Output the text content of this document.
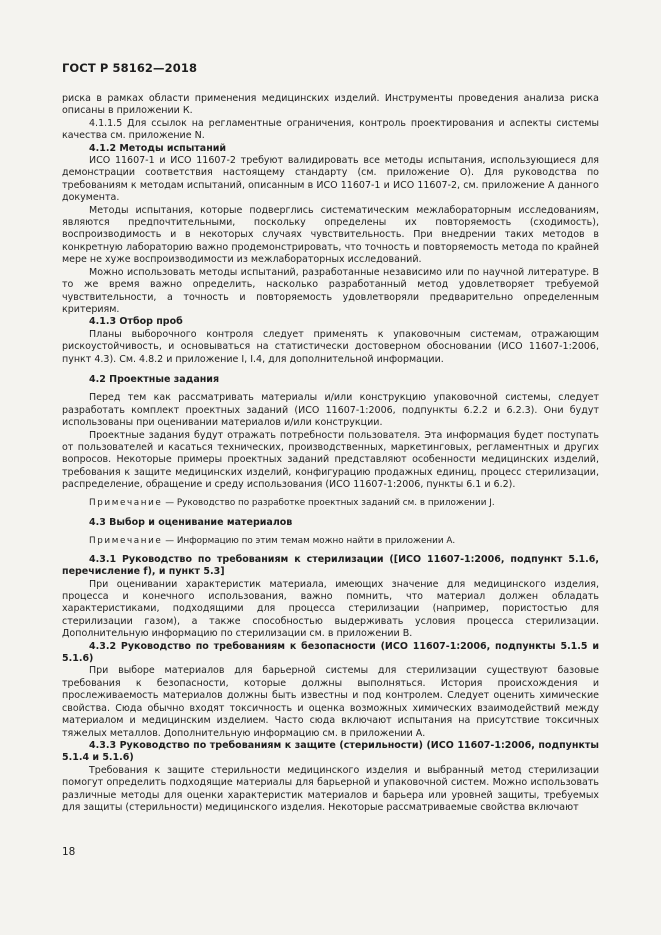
ГОСТ Р 58162—2018

риска в рамках области применения медицинских изделий. Инструменты проведения анализа риска описаны в приложении К.

4.1.1.5 Для ссылок на регламентные ограничения, контроль проектирования и аспекты системы качества см. приложение N.

4.1.2 Методы испытаний

ИСО 11607-1 и ИСО 11607-2 требуют валидировать все методы испытания, использующиеся для демонстрации соответствия настоящему стандарту (см. приложение О). Для руководства по требованиям к методам испытаний, описанным в ИСО 11607-1 и ИСО 11607-2, см. приложение А данного документа.

Методы испытания, которые подверглись систематическим межлабораторным исследованиям, являются предпочтительными, поскольку определены их повторяемость (сходимость), воспроизводимость и в некоторых случаях чувствительность. При внедрении таких методов в конкретную лабораторию важно продемонстрировать, что точность и повторяемость метода по крайней мере не хуже воспроизводимости из межлабораторных исследований.

Можно использовать методы испытаний, разработанные независимо или по научной литературе. В то же время важно определить, насколько разработанный метод удовлетворяет требуемой чувствительности, а точность и повторяемость удовлетворяли предварительно определенным критериям.

4.1.3 Отбор проб

Планы выборочного контроля следует применять к упаковочным системам, отражающим рискоустойчивость, и основываться на статистически достоверном обосновании (ИСО 11607-1:2006, пункт 4.3). См. 4.8.2 и приложение I, I.4, для дополнительной информации.

4.2 Проектные задания

Перед тем как рассматривать материалы и/или конструкцию упаковочной системы, следует разработать комплект проектных заданий (ИСО 11607-1:2006, подпункты 6.2.2 и 6.2.3). Они будут использованы при оценивании материалов и/или конструкции.

Проектные задания будут отражать потребности пользователя. Эта информация будет поступать от пользователей и касаться технических, производственных, маркетинговых, регламентных и других вопросов. Некоторые примеры проектных заданий представляют особенности медицинских изделий, требования к защите медицинских изделий, конфигурацию продажных единиц, процесс стерилизации, распределение, обращение и среду использования (ИСО 11607-1:2006, пункты 6.1 и 6.2).

Примечание — Руководство по разработке проектных заданий см. в приложении J.

4.3 Выбор и оценивание материалов

Примечание — Информацию по этим темам можно найти в приложении А.

4.3.1 Руководство по требованиям к стерилизации ([ИСО 11607-1:2006, подпункт 5.1.6, перечисление f), и пункт 5.3]

При оценивании характеристик материала, имеющих значение для медицинского изделия, процесса и конечного использования, важно помнить, что материал должен обладать характеристиками, подходящими для процесса стерилизации (например, пористостью для стерилизации газом), а также способностью выдерживать условия процесса стерилизации. Дополнительную информацию по стерилизации см. в приложении В.

4.3.2 Руководство по требованиям к безопасности (ИСО 11607-1:2006, подпункты 5.1.5 и 5.1.6)

При выборе материалов для барьерной системы для стерилизации существуют базовые требования к безопасности, которые должны выполняться. История происхождения и прослеживаемость материалов должны быть известны и под контролем. Следует оценить химические свойства. Сюда обычно входят токсичность и оценка возможных химических взаимодействий между материалом и медицинским изделием. Часто сюда включают испытания на присутствие токсичных тяжелых металлов. Дополнительную информацию см. в приложении А.

4.3.3 Руководство по требованиям к защите (стерильности) (ИСО 11607-1:2006, подпункты 5.1.4 и 5.1.6)

Требования к защите стерильности медицинского изделия и выбранный метод стерилизации помогут определить подходящие материалы для барьерной и упаковочной систем. Можно использовать различные методы для оценки характеристик материалов и барьера или уровней защиты, требуемых для защиты (стерильности) медицинского изделия. Некоторые рассматриваемые свойства включают

18
